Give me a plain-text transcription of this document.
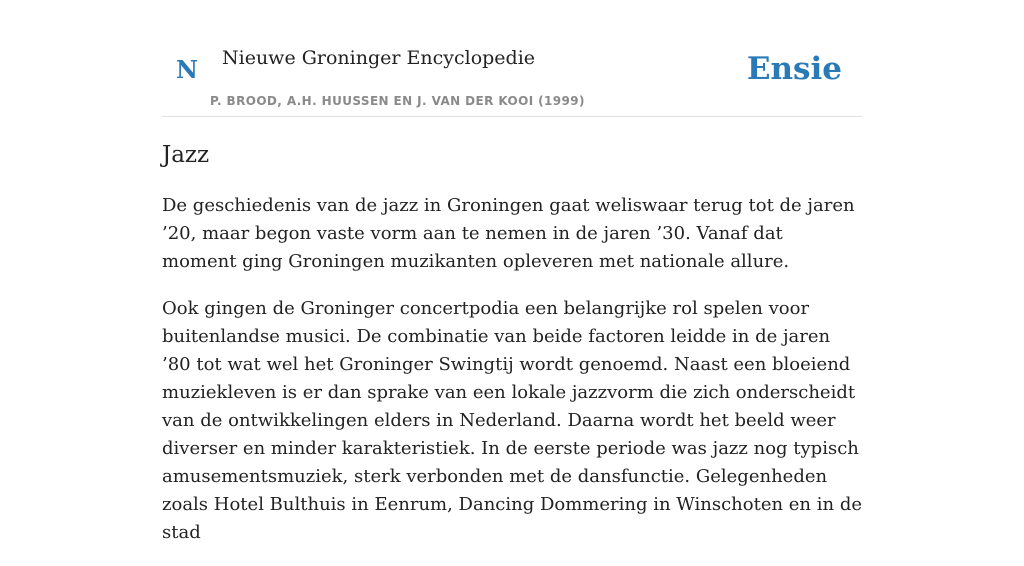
N Nieuwe Groninger Encyclopedie
P. BROOD, A.H. HUUSSEN EN J. VAN DER KOOI (1999)
Ensie
Jazz

De geschiedenis van de jazz in Groningen gaat weliswaar terug tot de jaren ’20, maar begon vaste vorm aan te nemen in de jaren ’30. Vanaf dat moment ging Groningen muzikanten opleveren met nationale allure.

Ook gingen de Groninger concertpodia een belangrijke rol spelen voor buitenlandse musici. De combinatie van beide factoren leidde in de jaren ’80 tot wat wel het Groninger Swingtij wordt genoemd. Naast een bloeiend muziekleven is er dan sprake van een lokale jazzvorm die zich onderscheidt van de ontwikkelingen elders in Nederland. Daarna wordt het beeld weer diverser en minder karakteristiek. In de eerste periode was jazz nog typisch amusementsmuziek, sterk verbonden met de dansfunctie. Gelegenheden zoals Hotel Bulthuis in Eenrum, Dancing Dommering in Winschoten en in de stad
